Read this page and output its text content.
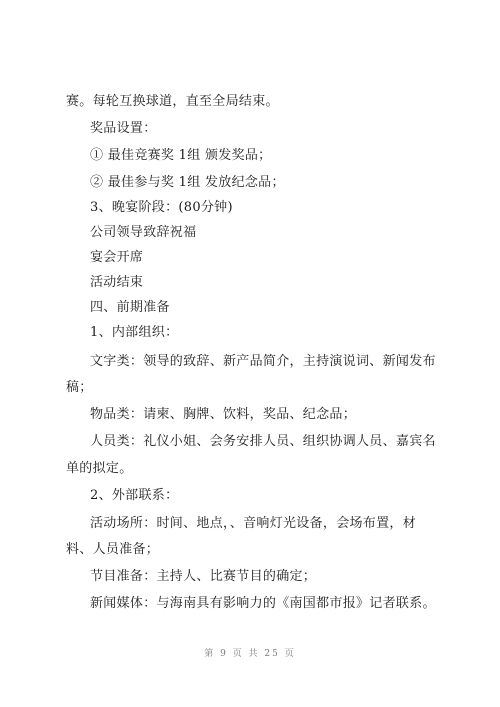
赛。每轮互换球道，直至全局结束。
奖品设置：
① 最佳竞赛奖 1组 颁发奖品；
② 最佳参与奖 1组 发放纪念品；
3、晚宴阶段：(80分钟)
公司领导致辞祝福
宴会开席
活动结束
四、前期准备
1、内部组织：
文字类：领导的致辞、新产品简介，主持演说词、新闻发布
稿；
物品类：请柬、胸牌、饮料，奖品、纪念品；
人员类：礼仪小姐、会务安排人员、组织协调人员、嘉宾名
单的拟定。
2、外部联系：
活动场所：时间、地点，、音响灯光设备，会场布置，材
料、人员准备；
节目准备：主持人、比赛节目的确定；
新闻媒体：与海南具有影响力的《南国都市报》记者联系。
第 9 页 共 25 页
